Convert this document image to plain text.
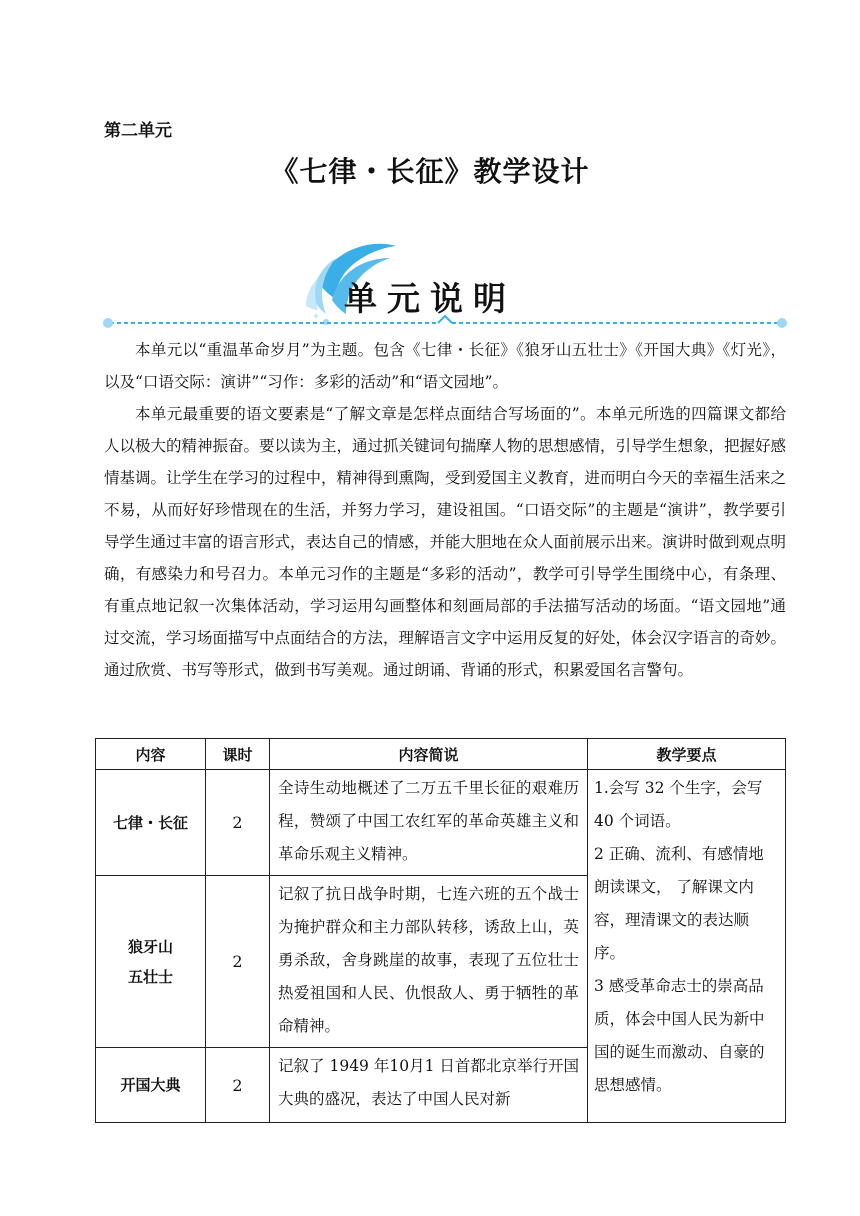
第二单元
《七律・长征》教学设计
单元说明

本单元以“重温革命岁月”为主题。包含《七律・长征》《狼牙山五壮士》《开国大典》《灯光》，以及“口语交际：演讲”“习作：多彩的活动”和“语文园地”。

本单元最重要的语文要素是“了解文章是怎样点面结合写场面的”。本单元所选的四篇课文都给人以极大的精神振奋。要以读为主，通过抓关键词句揣摩人物的思想感情，引导学生想象，把握好感情基调。让学生在学习的过程中，精神得到熏陶，受到爱国主义教育，进而明白今天的幸福生活来之不易，从而好好珍惜现在的生活，并努力学习，建设祖国。“口语交际”的主题是“演讲”，教学要引导学生通过丰富的语言形式，表达自己的情感，并能大胆地在众人面前展示出来。演讲时做到观点明确，有感染力和号召力。本单元习作的主题是“多彩的活动”，教学可引导学生围绕中心，有条理、有重点地记叙一次集体活动，学习运用勾画整体和刻画局部的手法描写活动的场面。“语文园地”通过交流，学习场面描写中点面结合的方法，理解语言文字中运用反复的好处，体会汉字语言的奇妙。通过欣赏、书写等形式，做到书写美观。通过朗诵、背诵的形式，积累爱国名言警句。

内容	课时	内容简说	教学要点
七律・长征	2	全诗生动地概述了二万五千里长征的艰难历程，赞颂了中国工农红军的革命英雄主义和革命乐观主义精神。	1.会写 32 个生字，会写 40 个词语。
2 正确、流利、有感情地朗读课文， 了解课文内容，理清课文的表达顺序。
3 感受革命志士的崇高品质，体会中国人民为新中国的诞生而激动、自豪的思想感情。

狼牙山
五壮士	2	记叙了抗日战争时期，七连六班的五个战士为掩护群众和主力部队转移，诱敌上山，英勇杀敌，舍身跳崖的故事，表现了五位壮士热爱祖国和人民、仇恨敌人、勇于牺牲的革命精神。	
开国大典	2	记叙了 1949 年10月1 日首都北京举行开国大典的盛况，表达了中国人民对新	
